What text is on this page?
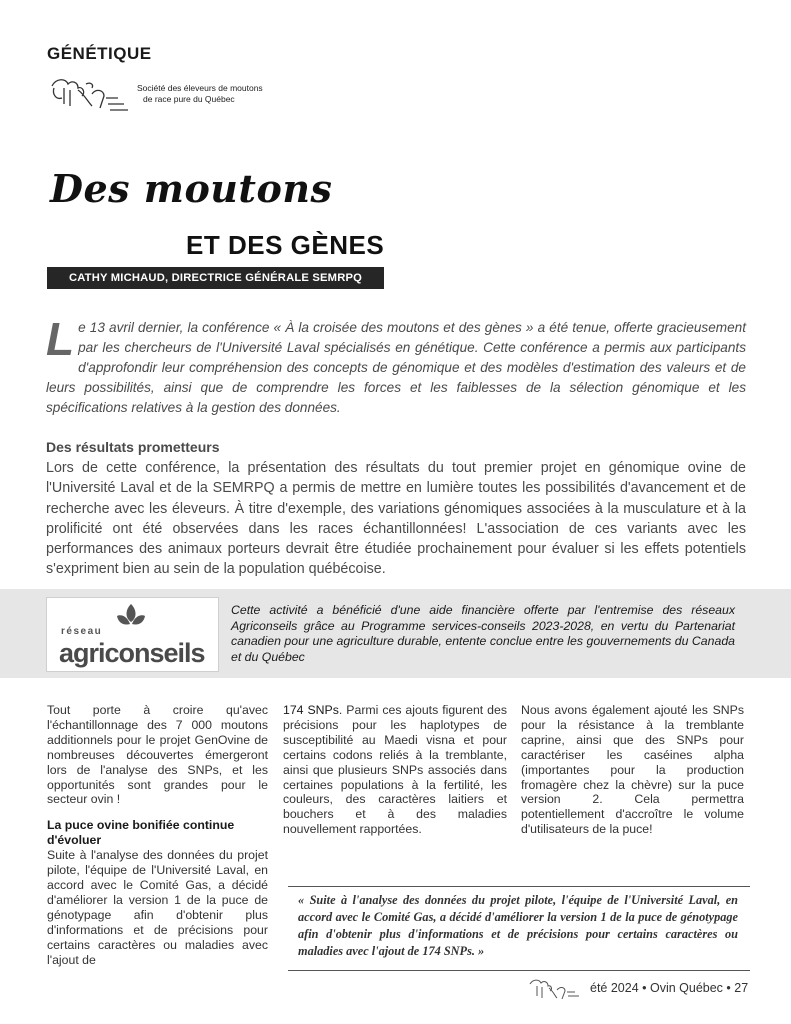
GÉNÉTIQUE
Société des éleveurs de moutons
de race pure du Québec
Des moutons
ET DES GÈNES
CATHY MICHAUD, DIRECTRICE GÉNÉRALE SEMRPQ
Le 13 avril dernier, la conférence « À la croisée des moutons et des gènes » a été tenue, offerte gracieusement par les chercheurs de l'Université Laval spécialisés en génétique. Cette conférence a permis aux participants d'approfondir leur compréhension des concepts de génomique et des modèles d'estimation des valeurs et de leurs possibilités, ainsi que de comprendre les forces et les faiblesses de la sélection génomique et les spécifications relatives à la gestion des données.
Des résultats prometteurs
Lors de cette conférence, la présentation des résultats du tout premier projet en génomique ovine de l'Université Laval et de la SEMRPQ a permis de mettre en lumière toutes les possibilités d'avancement et de recherche avec les éleveurs. À titre d'exemple, des variations génomiques associées à la musculature et à la prolificité ont été observées dans les races échantillonnées! L'association de ces variants avec les performances des animaux porteurs devrait être étudiée prochainement pour évaluer si les effets potentiels s'expriment bien au sein de la population québécoise.
réseau
agriconseils
Cette activité a bénéficié d'une aide financière offerte par l'entremise des réseaux Agriconseils grâce au Programme services-conseils 2023-2028, en vertu du Partenariat canadien pour une agriculture durable, entente conclue entre les gouvernements du Canada et du Québec
Tout porte à croire qu'avec l'échantillonnage des 7 000 moutons additionnels pour le projet GenOvine de nombreuses découvertes émergeront lors de l'analyse des SNPs, et les opportunités sont grandes pour le secteur ovin !
La puce ovine bonifiée continue d'évoluer
Suite à l'analyse des données du projet pilote, l'équipe de l'Université Laval, en accord avec le Comité Gas, a décidé d'améliorer la version 1 de la puce de génotypage afin d'obtenir plus d'informations et de précisions pour certains caractères ou maladies avec l'ajout de
174 SNPs. Parmi ces ajouts figurent des précisions pour les haplotypes de susceptibilité au Maedi visna et pour certains codons reliés à la tremblante, ainsi que plusieurs SNPs associés dans certaines populations à la fertilité, les couleurs, des caractères laitiers et bouchers et à des maladies nouvellement rapportées.
Nous avons également ajouté les SNPs pour la résistance à la tremblante caprine, ainsi que des SNPs pour caractériser les caséines alpha (importantes pour la production fromagère chez la chèvre) sur la puce version 2. Cela permettra potentiellement d'accroître le volume d'utilisateurs de la puce!
« Suite à l'analyse des données du projet pilote, l'équipe de l'Université Laval, en accord avec le Comité Gas, a décidé d'améliorer la version 1 de la puce de génotypage afin d'obtenir plus d'informations et de précisions pour certains caractères ou maladies avec l'ajout de 174 SNPs. »
été 2024 • Ovin Québec • 27
